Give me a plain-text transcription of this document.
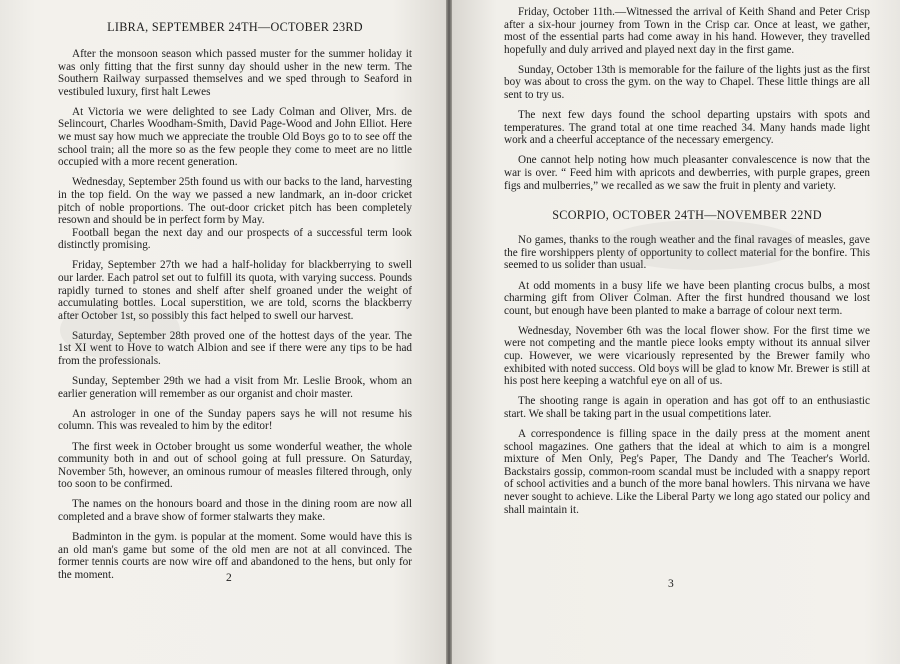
LIBRA, SEPTEMBER 24TH—OCTOBER 23RD

After the monsoon season which passed muster for the summer holiday it was only fitting that the first sunny day should usher in the new term. The Southern Railway surpassed themselves and we sped through to Seaford in vestibuled luxury, first halt Lewes

At Victoria we were delighted to see Lady Colman and Oliver, Mrs. de Selincourt, Charles Woodham-Smith, David Page-Wood and John Elliot. Here we must say how much we appreciate the trouble Old Boys go to to see off the school train; all the more so as the few people they come to meet are no little occupied with a more recent generation.

Wednesday, September 25th found us with our backs to the land, harvesting in the top field. On the way we passed a new landmark, an in-door cricket pitch of noble proportions. The out-door cricket pitch has been completely resown and should be in perfect form by May.

Football began the next day and our prospects of a successful term look distinctly promising.

Friday, September 27th we had a half-holiday for blackberrying to swell our larder. Each patrol set out to fulfill its quota, with varying success. Pounds rapidly turned to stones and shelf after shelf groaned under the weight of accumulating bottles. Local superstition, we are told, scorns the blackberry after October 1st, so possibly this fact helped to swell our harvest.

Saturday, September 28th proved one of the hottest days of the year. The 1st XI went to Hove to watch Albion and see if there were any tips to be had from the professionals.

Sunday, September 29th we had a visit from Mr. Leslie Brook, whom an earlier generation will remember as our organist and choir master.

An astrologer in one of the Sunday papers says he will not resume his column. This was revealed to him by the editor!

The first week in October brought us some wonderful weather, the whole community both in and out of school going at full pressure. On Saturday, November 5th, however, an ominous rumour of measles filtered through, only too soon to be confirmed.

The names on the honours board and those in the dining room are now all completed and a brave show of former stalwarts they make.

Badminton in the gym. is popular at the moment. Some would have this is an old man's game but some of the old men are not at all convinced. The former tennis courts are now wire off and abandoned to the hens, but only for the moment.	2

Friday, October 11th.—Witnessed the arrival of Keith Shand and Peter Crisp after a six-hour journey from Town in the Crisp car. Once at least, we gather, most of the essential parts had come away in his hand. However, they travelled hopefully and duly arrived and played next day in the first game.

Sunday, October 13th is memorable for the failure of the lights just as the first boy was about to cross the gym. on the way to Chapel. These little things are all sent to try us.

The next few days found the school departing upstairs with spots and temperatures. The grand total at one time reached 34. Many hands made light work and a cheerful acceptance of the necessary emergency.

One cannot help noting how much pleasanter convalescence is now that the war is over. “ Feed him with apricots and dewberries, with purple grapes, green figs and mulberries,” we recalled as we saw the fruit in plenty and variety.

SCORPIO, OCTOBER 24TH—NOVEMBER 22ND

No games, thanks to the rough weather and the final ravages of measles, gave the fire worshippers plenty of opportunity to collect material for the bonfire. This seemed to us solider than usual.

At odd moments in a busy life we have been planting crocus bulbs, a most charming gift from Oliver Colman. After the first hundred thousand we lost count, but enough have been planted to make a barrage of colour next term.

Wednesday, November 6th was the local flower show. For the first time we were not competing and the mantle piece looks empty without its annual silver cup. However, we were vicariously represented by the Brewer family who exhibited with noted success. Old boys will be glad to know Mr. Brewer is still at his post here keeping a watchful eye on all of us.

The shooting range is again in operation and has got off to an enthusiastic start. We shall be taking part in the usual competitions later.

A correspondence is filling space in the daily press at the moment anent school magazines. One gathers that the ideal at which to aim is a mongrel mixture of Men Only, Peg's Paper, The Dandy and The Teacher's World. Backstairs gossip, common-room scandal must be included with a snappy report of school activities and a bunch of the more banal howlers. This nirvana we have never sought to achieve. Like the Liberal Party we long ago stated our policy and shall maintain it.

3
